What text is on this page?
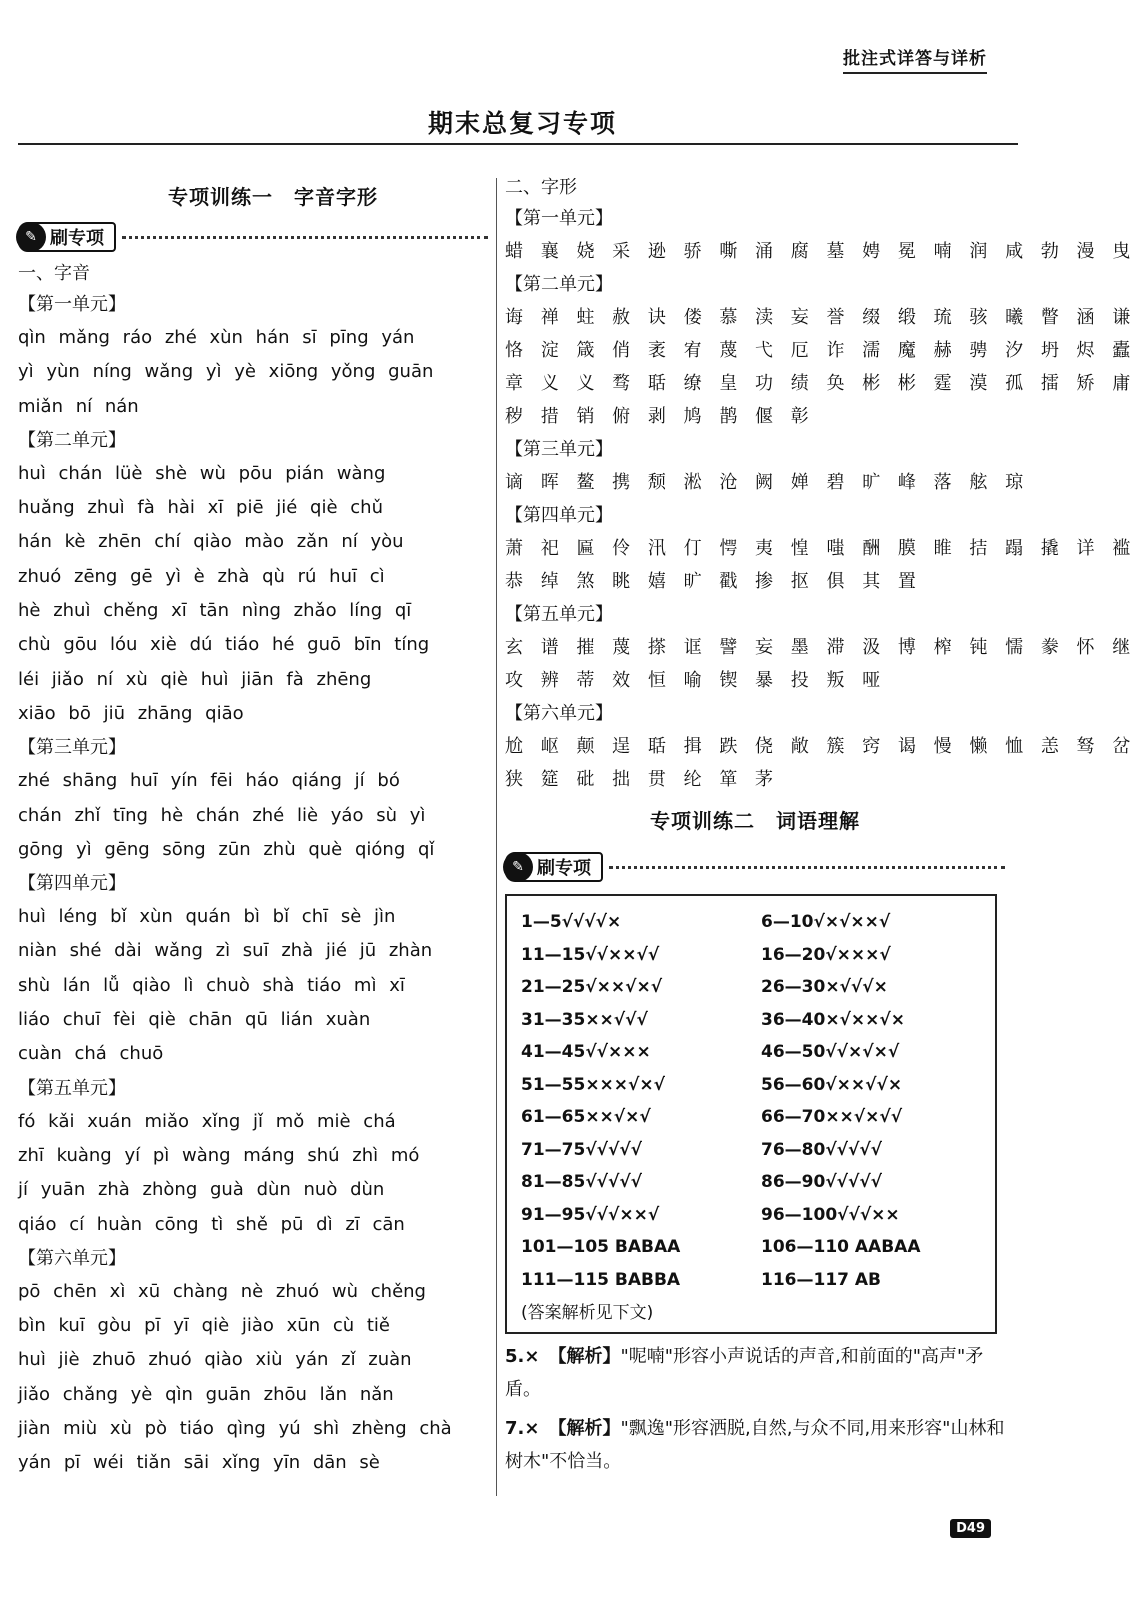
批注式详答与详析
期末总复习专项
专项训练一　字音字形
✎ 刷专项
一、字音
【第一单元】
qìn mǎng ráo zhé xùn hán sī pīng yán
yì yùn níng wǎng yì yè xiōng yǒng guān
miǎn ní nán
【第二单元】
huì chán lüè shè wù pōu pián wàng
huǎng zhuì fà hài xī piē jié qiè chǔ
hán kè zhēn chí qiào mào zǎn ní yòu
zhuó zēng gē yì è zhà qù rú huī cì
hè zhuì chěng xī tān nìng zhǎo líng qī
chù gōu lóu xiè dú tiáo hé guō bīn tíng
léi jiǎo ní xù qiè huì jiān fà zhēng
xiāo bō jiū zhāng qiāo
【第三单元】
zhé shāng huī yín fēi háo qiáng jí bó
chán zhǐ tīng hè chán zhé liè yáo sù yì
gōng yì gēng sōng zūn zhù què qióng qǐ
【第四单元】
huì léng bǐ xùn quán bì bǐ chī sè jìn
niàn shé dài wǎng zì suī zhà jié jū zhàn
shù lán lǚ qiào lì chuò shà tiáo mì xī
liáo chuī fèi qiè chān qū lián xuàn
cuàn chá chuō
【第五单元】
fó kǎi xuán miǎo xǐng jǐ mǒ miè chá
zhī kuàng yí pì wàng máng shú zhì mó
jí yuān zhà zhòng guà dùn nuò dùn
qiáo cí huàn cōng tì shě pū dì zī cān
【第六单元】
pō chēn xì xū chàng nè zhuó wù chěng
bìn kuī gòu pī yī qiè jiào xūn cù tiě
huì jiè zhuō zhuó qiào xiù yán zǐ zuàn
jiǎo chǎng yè qìn guān zhōu lǎn nǎn
jiàn miù xù pò tiáo qìng yú shì zhèng chà
yán pī wéi tiǎn sāi xǐng yīn dān sè
二、字形
【第一单元】
蜡 襄 娆 采 逊 骄 嘶 涌 腐 墓 娉 冕 喃 润 咸 勃 漫 曳
【第二单元】
诲 禅 蛀 赦 诀 偻 慕 渎 妄 誉 缀 缎 琉 骇 曦 瞥 涵 谦
恪 淀 箴 俏 袤 宥 蔑 弋 厄 诈 濡 魔 赫 骋 汐 坍 烬 蠹
章 义 义 骛 聒 缭 皇 功 绩 奂 彬 彬 霆 漠 孤 擂 矫 庸
秽 措 销 俯 剥 鸠 鹊 偃 彰
【第三单元】
谪 晖 鳌 携 颓 淞 沧 阙 婵 碧 旷 峰 落 舷 琼
【第四单元】
萧 祀 匾 伶 汛 仃 愕 夷 惶 嗤 酬 膜 睢 拮 蹋 撬 详 褴
恭 绰 煞 眺 嬉 旷 戳 掺 抠 俱 其 置
【第五单元】
玄 谱 摧 蔑 搽 诓 譬 妄 墨 滞 汲 博 榨 钝 懦 豢 怀 继
攻 辨 蒂 效 恒 喻 锲 暴 投 叛 哑
【第六单元】
尬 岖 颠 逞 聒 揖 跌 侥 敞 簇 窍 谒 慢 懒 恤 恙 驽 岔
狭 筵 砒 拙 贯 纶 箪 茅
专项训练二　词语理解
✎ 刷专项
1—5√√√√×	6—10√×√××√
11—15√√××√√	16—20√×××√
21—25√××√×√	26—30×√√√×
31—35××√√√	36—40×√××√×
41—45√√×××	46—50√√×√×√
51—55×××√×√	56—60√××√√×
61—65××√×√	66—70××√×√√
71—75√√√√√	76—80√√√√√
81—85√√√√√	86—90√√√√√
91—95√√√××√	96—100√√√××
101—105 BABAA	106—110 AABAA
111—115 BABBA	116—117 AB
(答案解析见下文)
5.×　 【解析】"呢喃"形容小声说话的声音,和前面的"高声"矛盾。
7.×　 【解析】"飘逸"形容洒脱,自然,与众不同,用来形容"山林和树木"不恰当。
D49
